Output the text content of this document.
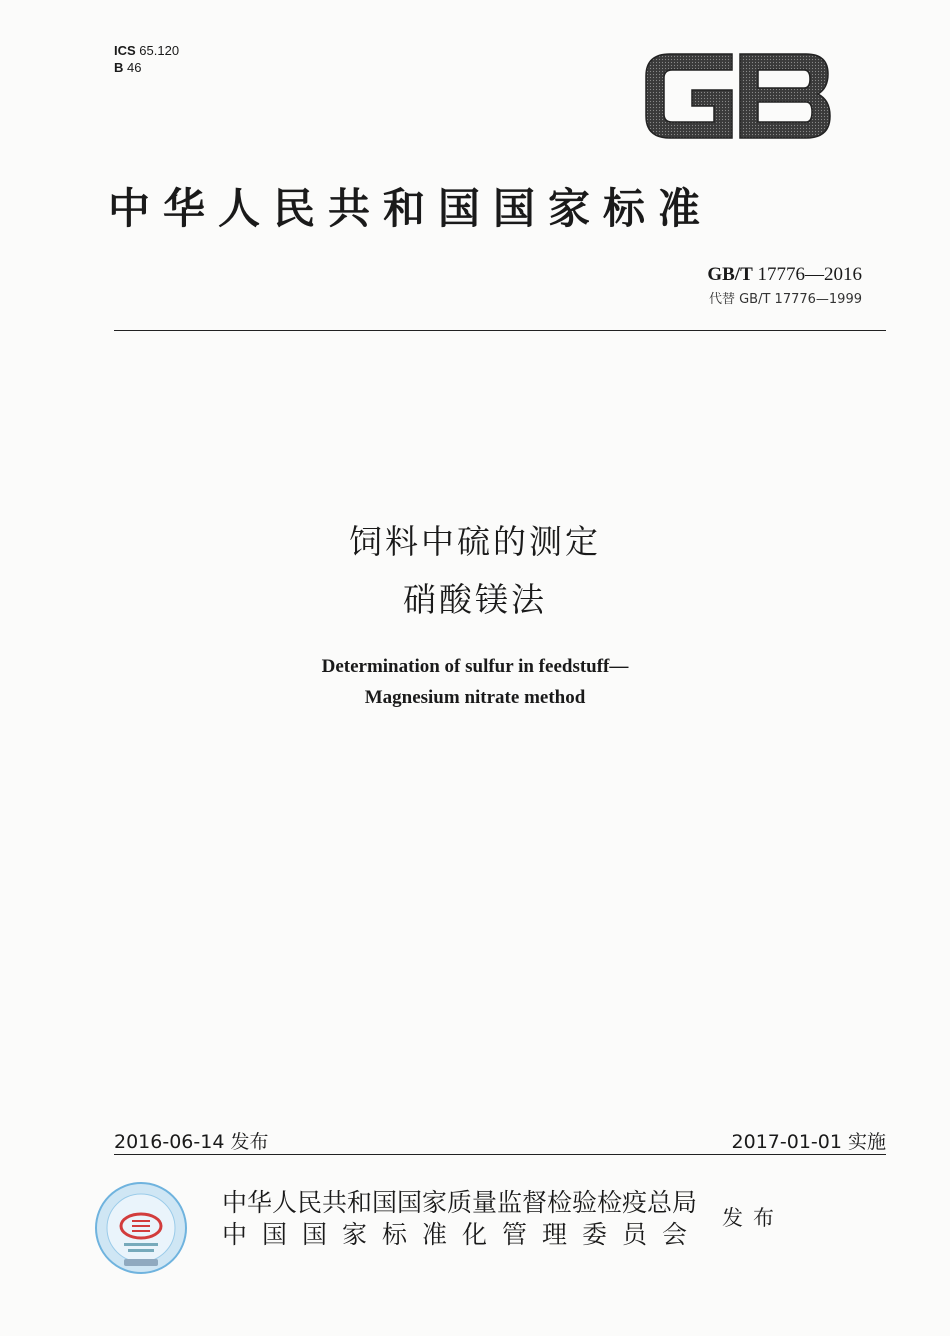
ICS 65.120
B 46
中华人民共和国国家标准
GB/T 17776—2016
代替 GB/T 17776—1999
饲料中硫的测定
硝酸镁法
Determination of sulfur in feedstuff—
Magnesium nitrate method
2016-06-14 发布	2017-01-01 实施
中华人民共和国国家质量监督检验检疫总局
中国国家标准化管理委员会
发布
